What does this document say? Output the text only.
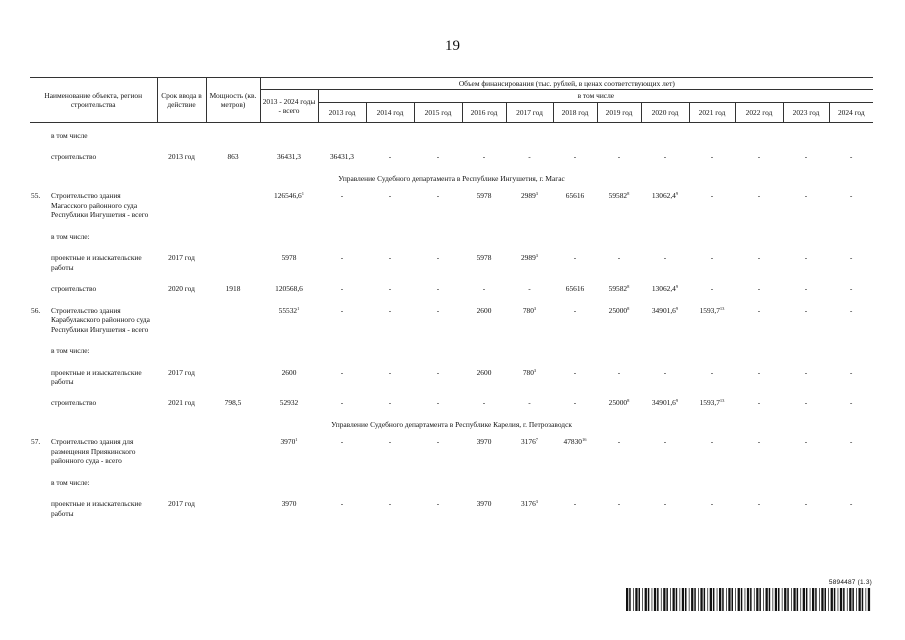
19
Наименование объекта, регион строительства	Срок ввода в действие	Мощность (кв. метров)	Объем финансирования (тыс. рублей, в ценах соответствующих лет)												
			2013 - 2024 годы - всего	в том числе											
				2013 год	2014 год	2015 год	2016 год	2017 год	2018 год	2019 год	2020 год	2021 год	2022 год	2023 год	2024 год

в том числе															

строительство	2013 год	863	36431,3	36431,3	-	-	-	-	-	-	-	-	-	-	-

Управление Судебного департамента в Республике Ингушетия, г. Магас															

55. Строительство здания Магасского районного суда Республики Ингушетия - всего			126546,6$^1$	-	-	-	5978	2989$^3$	65616	59582$^8$	13062,4$^9$	-	-	-	-

в том числе:															

проектные и изыскательские работы	2017 год		5978	-	-	-	5978	2989$^3$	-	-	-	-	-	-	-

строительство	2020 год	1918	120568,6	-	-	-	-	-	65616	59582$^8$	13062,4$^9$	-	-	-	-

56. Строительство здания Карабулакского районного суда Республики Ингушетия - всего			55532$^1$	-	-	-	2600	$780^3$	-	25000$^8$	34901,6$^9$	1593,7$^{13}$	-	-	-

в том числе:															

проектные и изыскательские работы	2017 год		2600	-	-	-	2600	$780^3$	-	-	-	-	-	-	-

строительство	2021 год	798,5	52932	-	-	-	-	-	-	25000$^8$	34901,6$^9$	1593,7$^{13}$	-	-	-

Управление Судебного департамента в Республике Карелия, г. Петрозаводск															

57. Строительство здания для размещения Приякинского районного суда - всего			3970$^1$	-	-	-	3970	3176$^7$	47830$^{16}$	-	-	-	-	-	-

в том числе:															

проектные и изыскательские работы	2017 год		3970	-	-	-	3970	3176$^3$	-	-	-	-	-	-	-

5894487 (1.3)
